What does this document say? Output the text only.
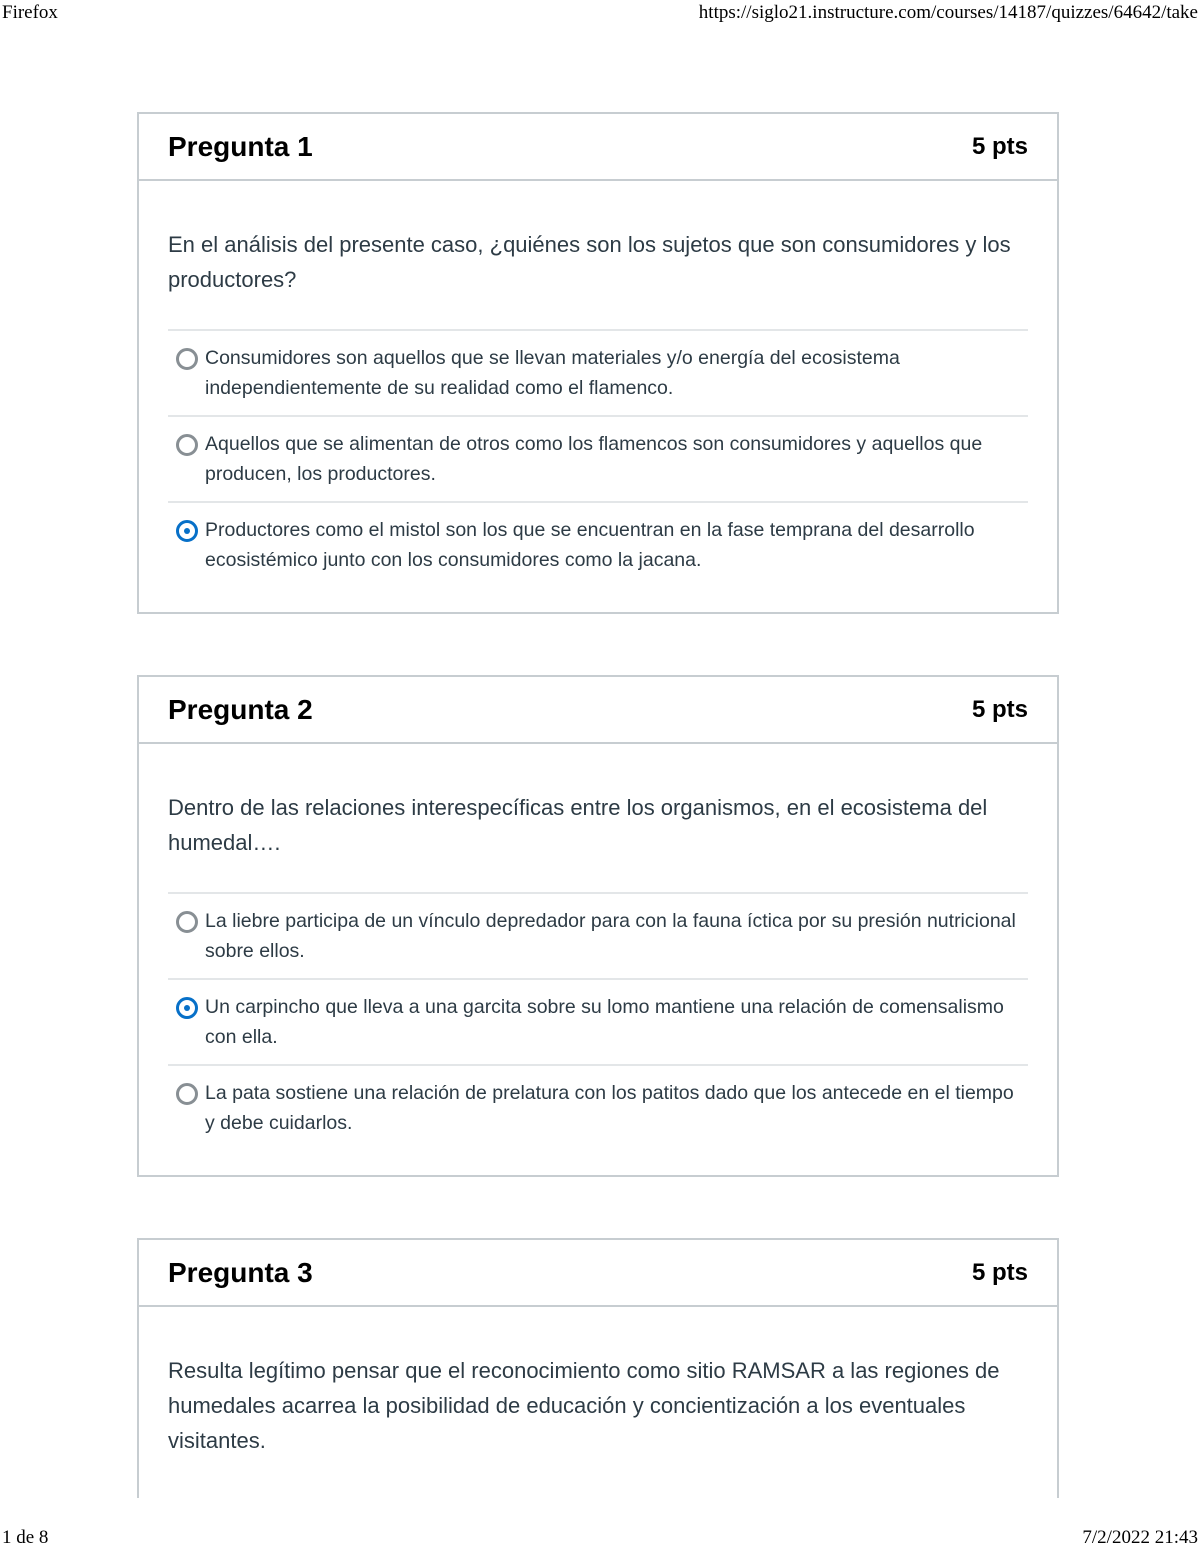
Firefox	https://siglo21.instructure.com/courses/14187/quizzes/64642/take
Pregunta 1	5 pts

En el análisis del presente caso, ¿quiénes son los sujetos que son consumidores y los productores?

Consumidores son aquellos que se llevan materiales y/o energía del ecosistema independientemente de su realidad como el flamenco.
Aquellos que se alimentan de otros como los flamencos son consumidores y aquellos que producen, los productores.
Productores como el mistol son los que se encuentran en la fase temprana del desarrollo ecosistémico junto con los consumidores como la jacana.
Pregunta 2	5 pts

Dentro de las relaciones interespecíficas entre los organismos, en el ecosistema del humedal….

La liebre participa de un vínculo depredador para con la fauna íctica por su presión nutricional sobre ellos.
Un carpincho que lleva a una garcita sobre su lomo mantiene una relación de comensalismo con ella.
La pata sostiene una relación de prelatura con los patitos dado que los antecede en el tiempo y debe cuidarlos.
Pregunta 3	5 pts

Resulta legítimo pensar que el reconocimiento como sitio RAMSAR a las regiones de humedales acarrea la posibilidad de educación y concientización a los eventuales visitantes.

1 de 8	7/2/2022 21:43
